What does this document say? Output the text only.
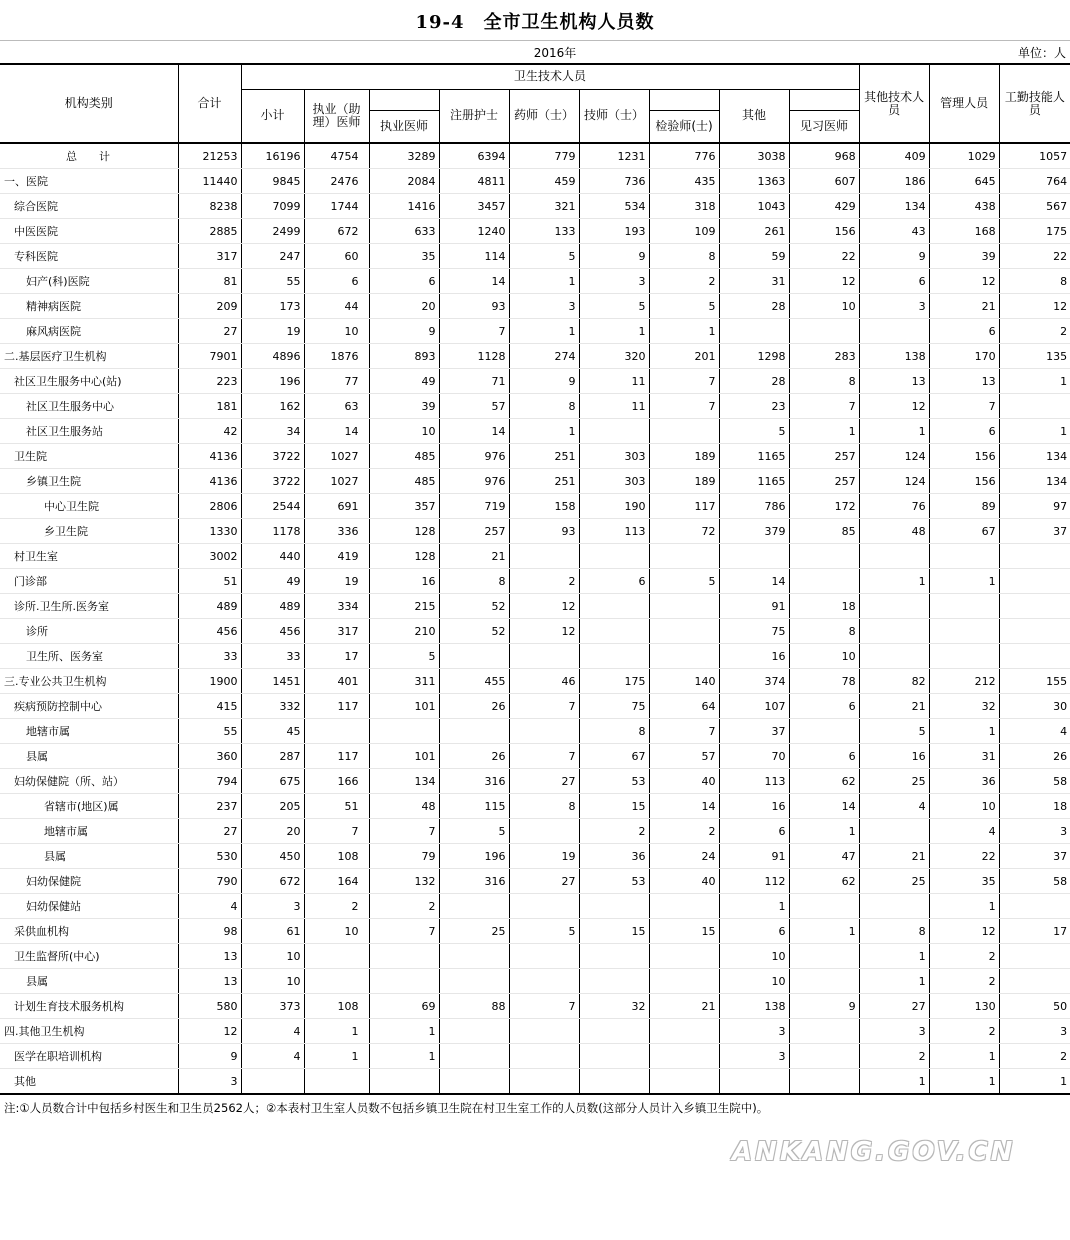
19-4　全市卫生机构人员数
2016年	单位：人
机构类别	合计	卫生技术人员									其他技术人员	管理人员	工勤技能人员
		小计	执业（助理）医师		注册护士	药师（士）	技师（士）		其他				
				执业医师				检验师(士)		见习医师			
总　　计	21253	16196	4754	3289	6394	779	1231	776	3038	968	409	1029	1057
一、医院	11440	9845	2476	2084	4811	459	736	435	1363	607	186	645	764
综合医院	8238	7099	1744	1416	3457	321	534	318	1043	429	134	438	567
中医医院	2885	2499	672	633	1240	133	193	109	261	156	43	168	175
专科医院	317	247	60	35	114	5	9	8	59	22	9	39	22
妇产(科)医院	81	55	6	6	14	1	3	2	31	12	6	12	8
精神病医院	209	173	44	20	93	3	5	5	28	10	3	21	12
麻风病医院	27	19	10	9	7	1	1	1				6	2
二.基层医疗卫生机构	7901	4896	1876	893	1128	274	320	201	1298	283	138	170	135
社区卫生服务中心(站)	223	196	77	49	71	9	11	7	28	8	13	13	1
社区卫生服务中心	181	162	63	39	57	8	11	7	23	7	12	7	
社区卫生服务站	42	34	14	10	14	1			5	1	1	6	1
卫生院	4136	3722	1027	485	976	251	303	189	1165	257	124	156	134
乡镇卫生院	4136	3722	1027	485	976	251	303	189	1165	257	124	156	134
中心卫生院	2806	2544	691	357	719	158	190	117	786	172	76	89	97
乡卫生院	1330	1178	336	128	257	93	113	72	379	85	48	67	37
村卫生室	3002	440	419	128	21								
门诊部	51	49	19	16	8	2	6	5	14		1	1	
诊所.卫生所.医务室	489	489	334	215	52	12			91	18			
诊所	456	456	317	210	52	12			75	8			
卫生所、医务室	33	33	17	5					16	10			
三.专业公共卫生机构	1900	1451	401	311	455	46	175	140	374	78	82	212	155
疾病预防控制中心	415	332	117	101	26	7	75	64	107	6	21	32	30
地辖市属	55	45					8	7	37		5	1	4
县属	360	287	117	101	26	7	67	57	70	6	16	31	26
妇幼保健院（所、站）	794	675	166	134	316	27	53	40	113	62	25	36	58
省辖市(地区)属	237	205	51	48	115	8	15	14	16	14	4	10	18
地辖市属	27	20	7	7	5		2	2	6	1		4	3
县属	530	450	108	79	196	19	36	24	91	47	21	22	37
妇幼保健院	790	672	164	132	316	27	53	40	112	62	25	35	58
妇幼保健站	4	3	2	2					1			1	
采供血机构	98	61	10	7	25	5	15	15	6	1	8	12	17
卫生监督所(中心)	13	10							10		1	2	
县属	13	10							10		1	2	
计划生育技术服务机构	580	373	108	69	88	7	32	21	138	9	27	130	50
四.其他卫生机构	12	4	1	1					3		3	2	3
医学在职培训机构	9	4	1	1					3		2	1	2
其他	3										1	1	1
注:①人员数合计中包括乡村医生和卫生员2562人；②本表村卫生室人员数不包括乡镇卫生院在村卫生室工作的人员数(这部分人员计入乡镇卫生院中)。
ANKANG.GOV.CN
